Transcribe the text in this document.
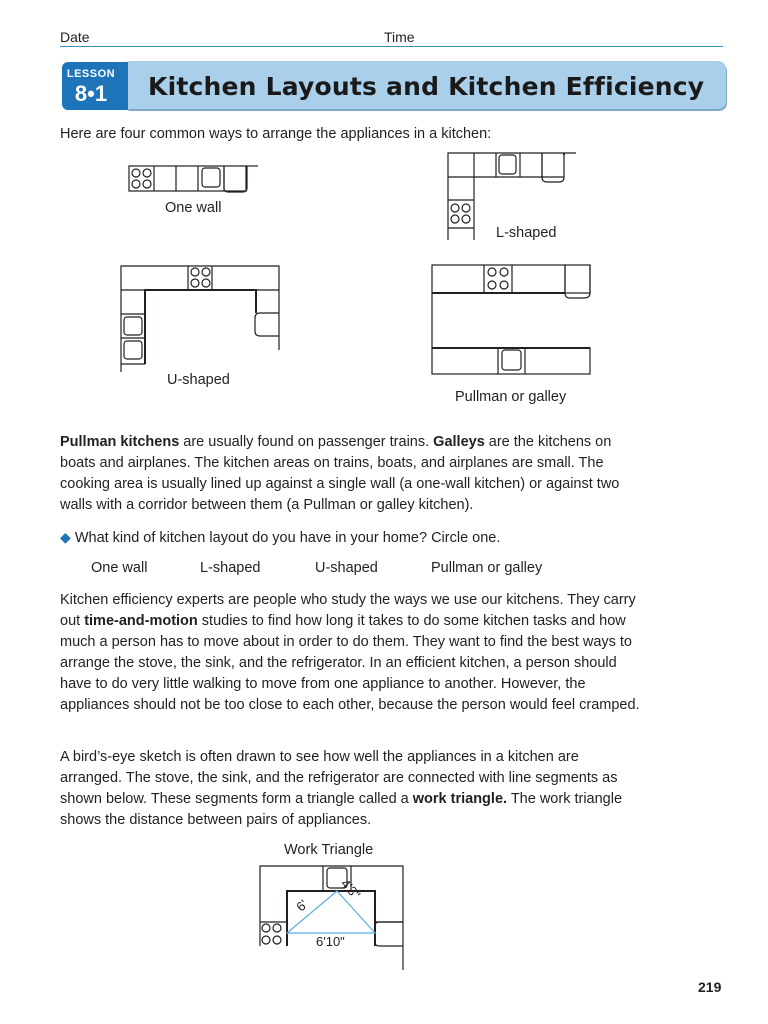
Date	Time
LESSON
8•1	Kitchen Layouts and Kitchen Efficiency
Here are four common ways to arrange the appliances in a kitchen:
One wall
L-shaped
U-shaped
Pullman or galley

Pullman kitchens are usually found on passenger trains. Galleys are the kitchens on boats and airplanes. The kitchen areas on trains, boats, and airplanes are small. The cooking area is usually lined up against a single wall (a one-wall kitchen) or against two walls with a corridor between them (a Pullman or galley kitchen).

◆ What kind of kitchen layout do you have in your home? Circle one.
One wall	L-shaped	U-shaped	Pullman or galley

Kitchen efficiency experts are people who study the ways we use our kitchens. They carry out time-and-motion studies to find how long it takes to do some kitchen tasks and how much a person has to move about in order to do them. They want to find the best ways to arrange the stove, the sink, and the refrigerator. In an efficient kitchen, a person should have to do very little walking to move from one appliance to another. However, the appliances should not be too close to each other, because the person would feel cramped.

A bird’s-eye sketch is often drawn to see how well the appliances in a kitchen are arranged. The stove, the sink, and the refrigerator are connected with line segments as shown below. These segments form a triangle called a work triangle. The work triangle shows the distance between pairs of appliances.

Work Triangle
6'
4'3"
6'10"
219
